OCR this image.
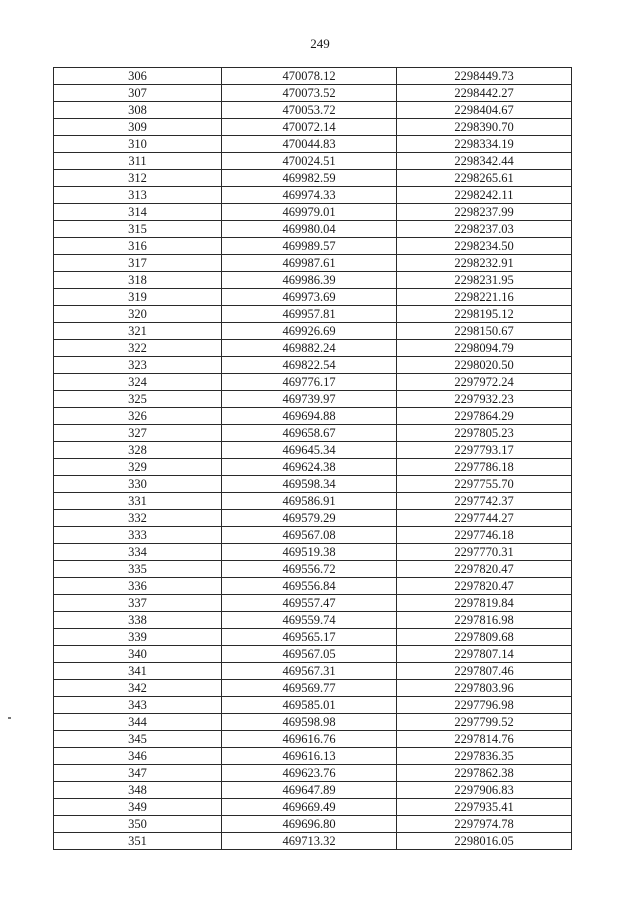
249
306	470078.12	2298449.73
307	470073.52	2298442.27
308	470053.72	2298404.67
309	470072.14	2298390.70
310	470044.83	2298334.19
311	470024.51	2298342.44
312	469982.59	2298265.61
313	469974.33	2298242.11
314	469979.01	2298237.99
315	469980.04	2298237.03
316	469989.57	2298234.50
317	469987.61	2298232.91
318	469986.39	2298231.95
319	469973.69	2298221.16
320	469957.81	2298195.12
321	469926.69	2298150.67
322	469882.24	2298094.79
323	469822.54	2298020.50
324	469776.17	2297972.24
325	469739.97	2297932.23
326	469694.88	2297864.29
327	469658.67	2297805.23
328	469645.34	2297793.17
329	469624.38	2297786.18
330	469598.34	2297755.70
331	469586.91	2297742.37
332	469579.29	2297744.27
333	469567.08	2297746.18
334	469519.38	2297770.31
335	469556.72	2297820.47
336	469556.84	2297820.47
337	469557.47	2297819.84
338	469559.74	2297816.98
339	469565.17	2297809.68
340	469567.05	2297807.14
341	469567.31	2297807.46
342	469569.77	2297803.96
343	469585.01	2297796.98
344	469598.98	2297799.52
345	469616.76	2297814.76
346	469616.13	2297836.35
347	469623.76	2297862.38
348	469647.89	2297906.83
349	469669.49	2297935.41
350	469696.80	2297974.78
351	469713.32	2298016.05
